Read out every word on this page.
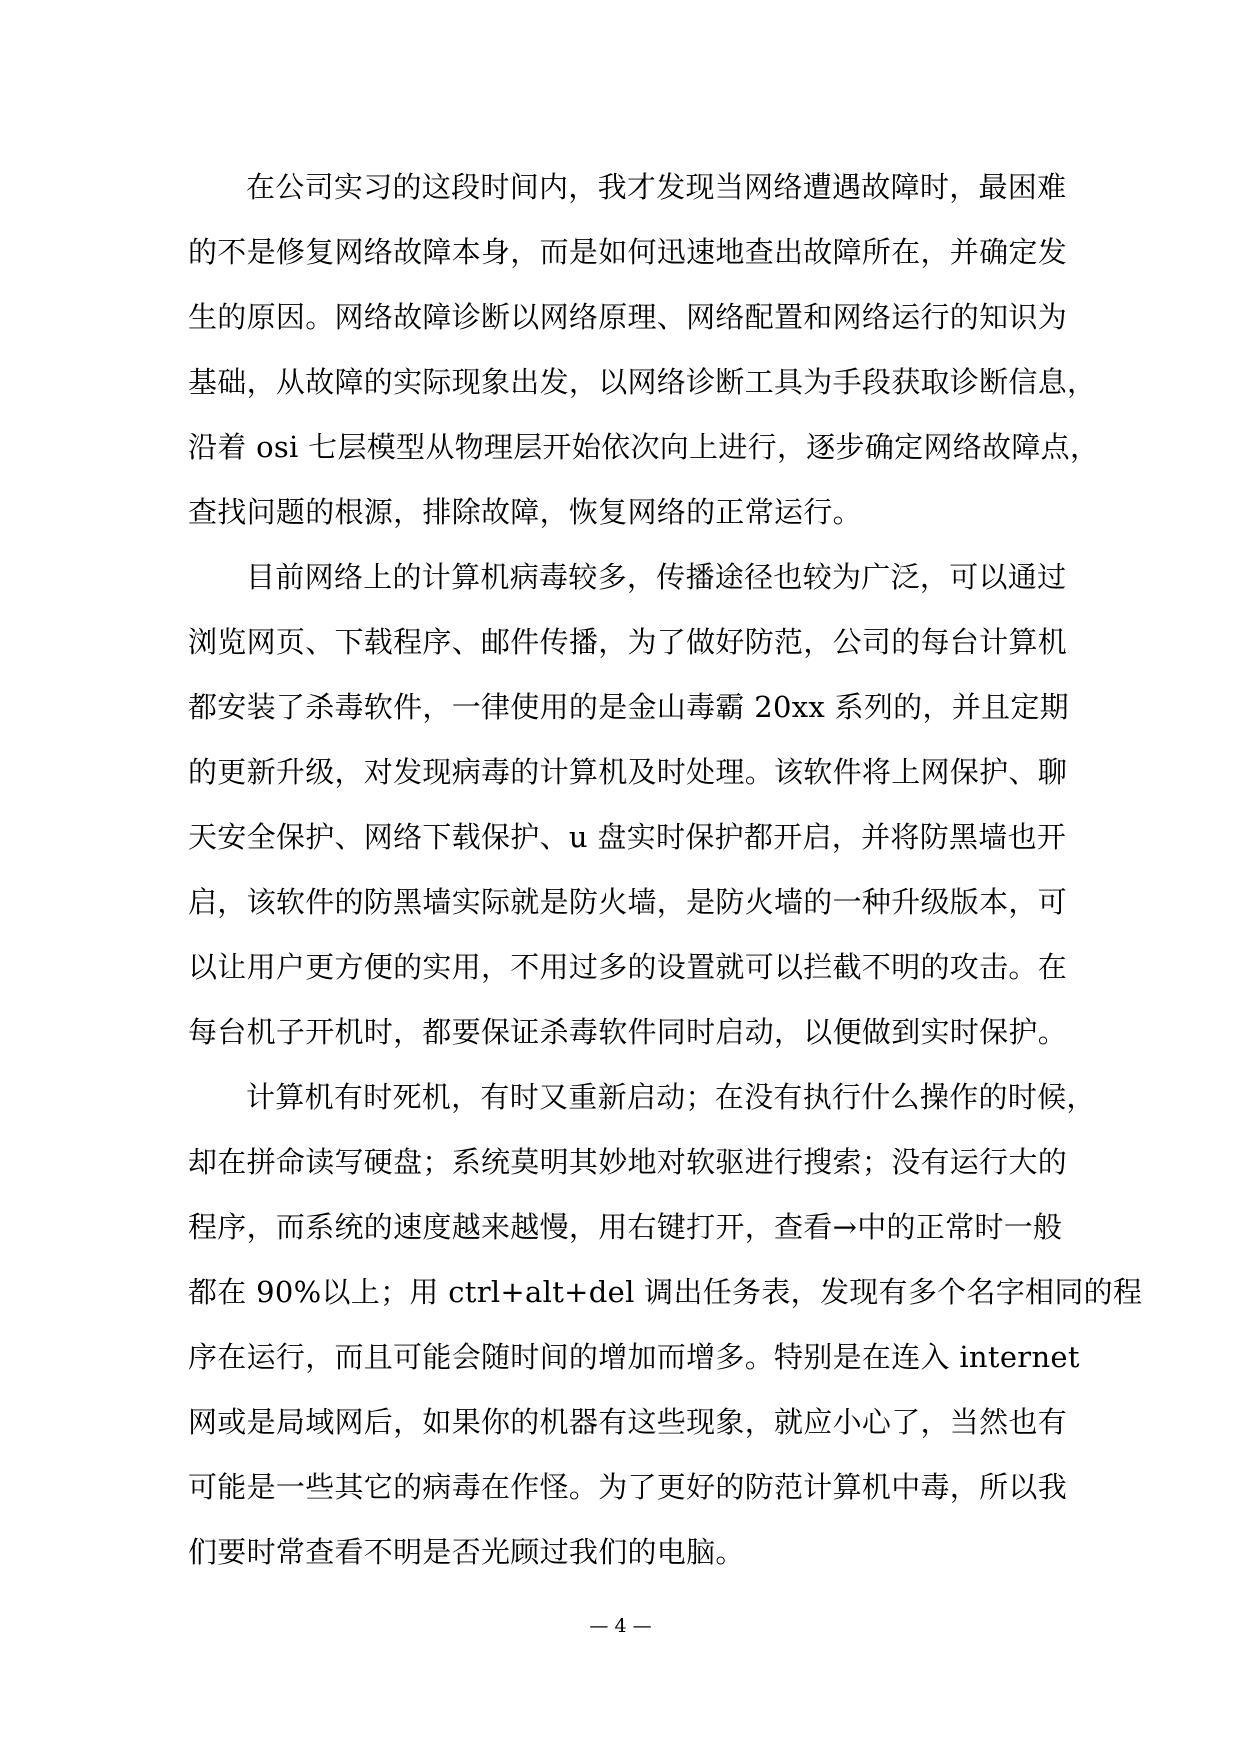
在公司实习的这段时间内，我才发现当网络遭遇故障时，最困难
的不是修复网络故障本身，而是如何迅速地查出故障所在，并确定发
生的原因。网络故障诊断以网络原理、网络配置和网络运行的知识为
基础，从故障的实际现象出发，以网络诊断工具为手段获取诊断信息，
沿着 osi 七层模型从物理层开始依次向上进行，逐步确定网络故障点，
查找问题的根源，排除故障，恢复网络的正常运行。
目前网络上的计算机病毒较多，传播途径也较为广泛，可以通过
浏览网页、下载程序、邮件传播，为了做好防范，公司的每台计算机
都安装了杀毒软件，一律使用的是金山毒霸 20xx 系列的，并且定期
的更新升级，对发现病毒的计算机及时处理。该软件将上网保护、聊
天安全保护、网络下载保护、u 盘实时保护都开启，并将防黑墙也开
启，该软件的防黑墙实际就是防火墙，是防火墙的一种升级版本，可
以让用户更方便的实用，不用过多的设置就可以拦截不明的攻击。在
每台机子开机时，都要保证杀毒软件同时启动，以便做到实时保护。
计算机有时死机，有时又重新启动；在没有执行什么操作的时候，
却在拼命读写硬盘；系统莫明其妙地对软驱进行搜索；没有运行大的
程序，而系统的速度越来越慢，用右键打开，查看→中的正常时一般
都在 90%以上；用 ctrl+alt+del 调出任务表，发现有多个名字相同的程
序在运行，而且可能会随时间的增加而增多。特别是在连入 internet
网或是局域网后，如果你的机器有这些现象，就应小心了，当然也有
可能是一些其它的病毒在作怪。为了更好的防范计算机中毒，所以我
们要时常查看不明是否光顾过我们的电脑。
— 4 —
